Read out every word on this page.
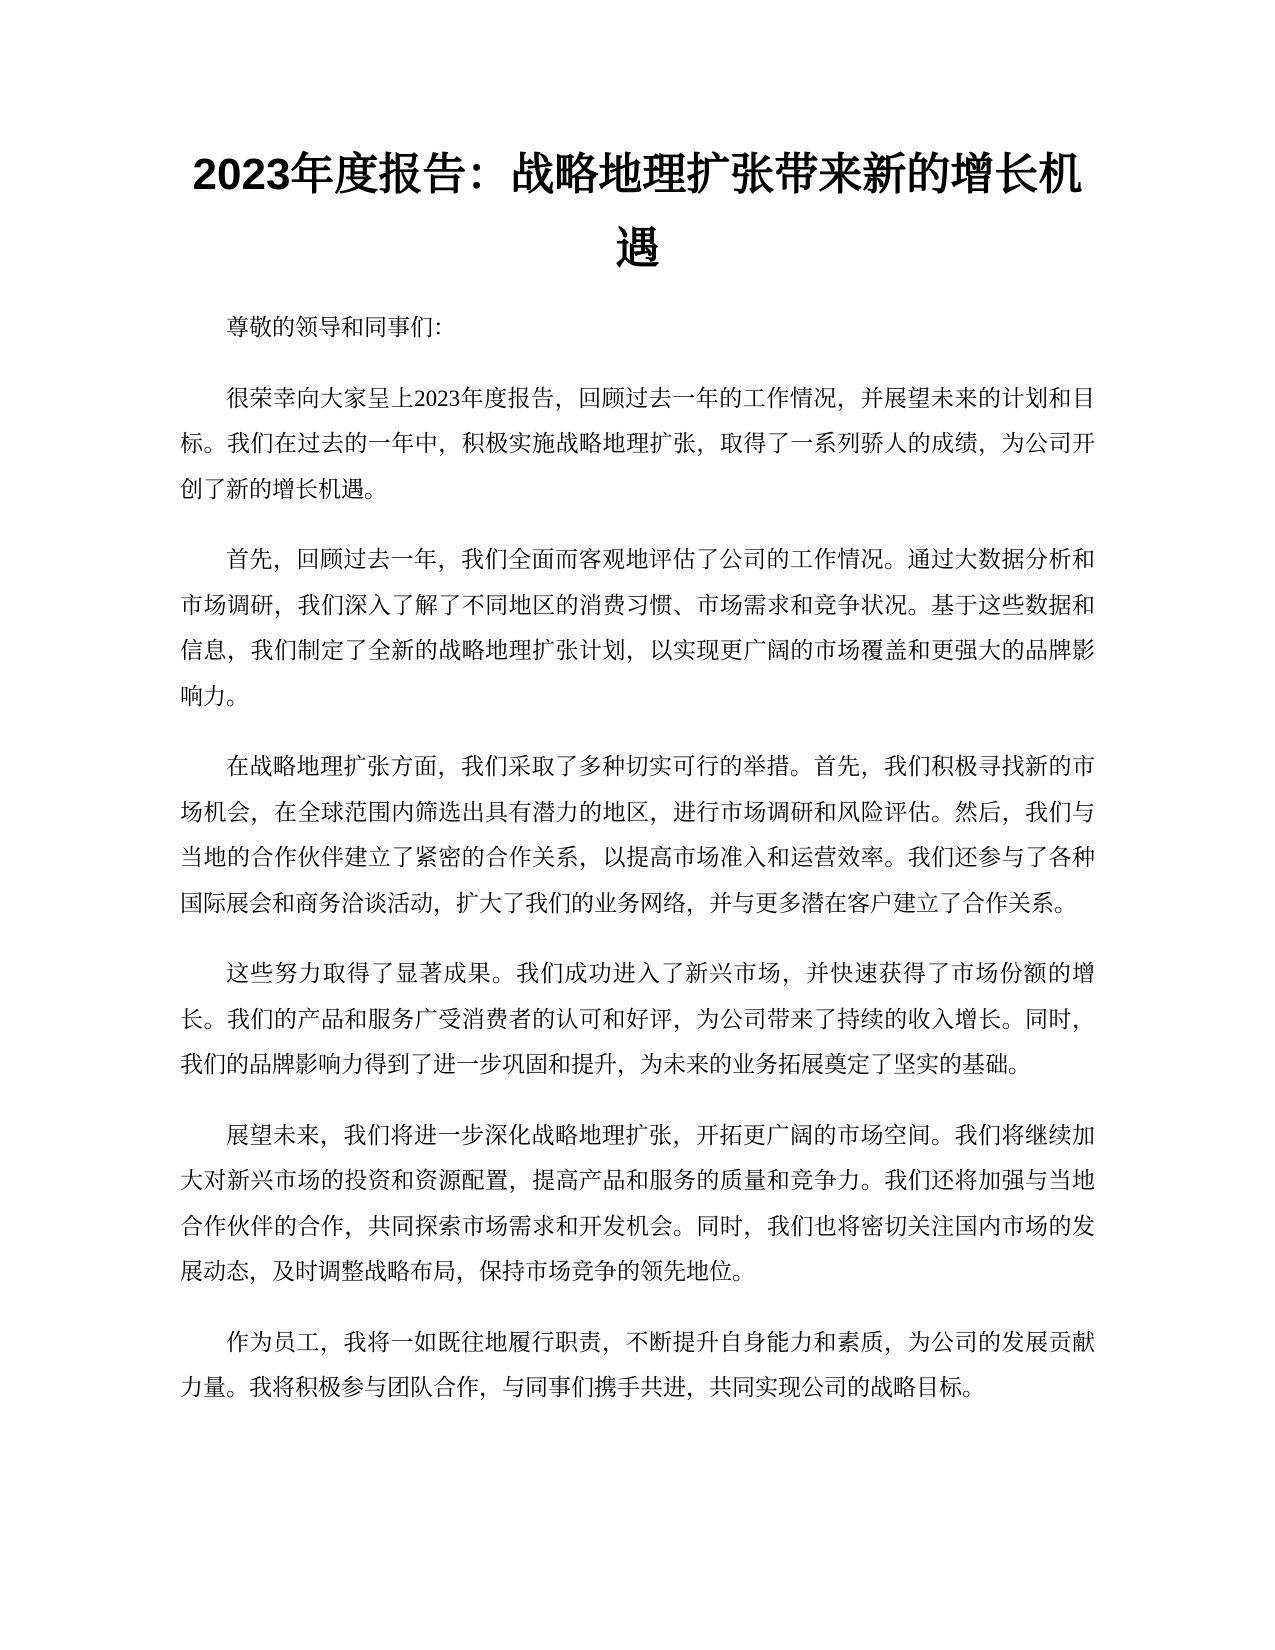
2023年度报告：战略地理扩张带来新的增长机遇

尊敬的领导和同事们：

很荣幸向大家呈上2023年度报告，回顾过去一年的工作情况，并展望未来的计划和目标。我们在过去的一年中，积极实施战略地理扩张，取得了一系列骄人的成绩，为公司开创了新的增长机遇。

首先，回顾过去一年，我们全面而客观地评估了公司的工作情况。通过大数据分析和市场调研，我们深入了解了不同地区的消费习惯、市场需求和竞争状况。基于这些数据和信息，我们制定了全新的战略地理扩张计划，以实现更广阔的市场覆盖和更强大的品牌影响力。

在战略地理扩张方面，我们采取了多种切实可行的举措。首先，我们积极寻找新的市场机会，在全球范围内筛选出具有潜力的地区，进行市场调研和风险评估。然后，我们与当地的合作伙伴建立了紧密的合作关系，以提高市场准入和运营效率。我们还参与了各种国际展会和商务洽谈活动，扩大了我们的业务网络，并与更多潜在客户建立了合作关系。

这些努力取得了显著成果。我们成功进入了新兴市场，并快速获得了市场份额的增长。我们的产品和服务广受消费者的认可和好评，为公司带来了持续的收入增长。同时，我们的品牌影响力得到了进一步巩固和提升，为未来的业务拓展奠定了坚实的基础。

展望未来，我们将进一步深化战略地理扩张，开拓更广阔的市场空间。我们将继续加大对新兴市场的投资和资源配置，提高产品和服务的质量和竞争力。我们还将加强与当地合作伙伴的合作，共同探索市场需求和开发机会。同时，我们也将密切关注国内市场的发展动态，及时调整战略布局，保持市场竞争的领先地位。

作为员工，我将一如既往地履行职责，不断提升自身能力和素质，为公司的发展贡献力量。我将积极参与团队合作，与同事们携手共进，共同实现公司的战略目标。
